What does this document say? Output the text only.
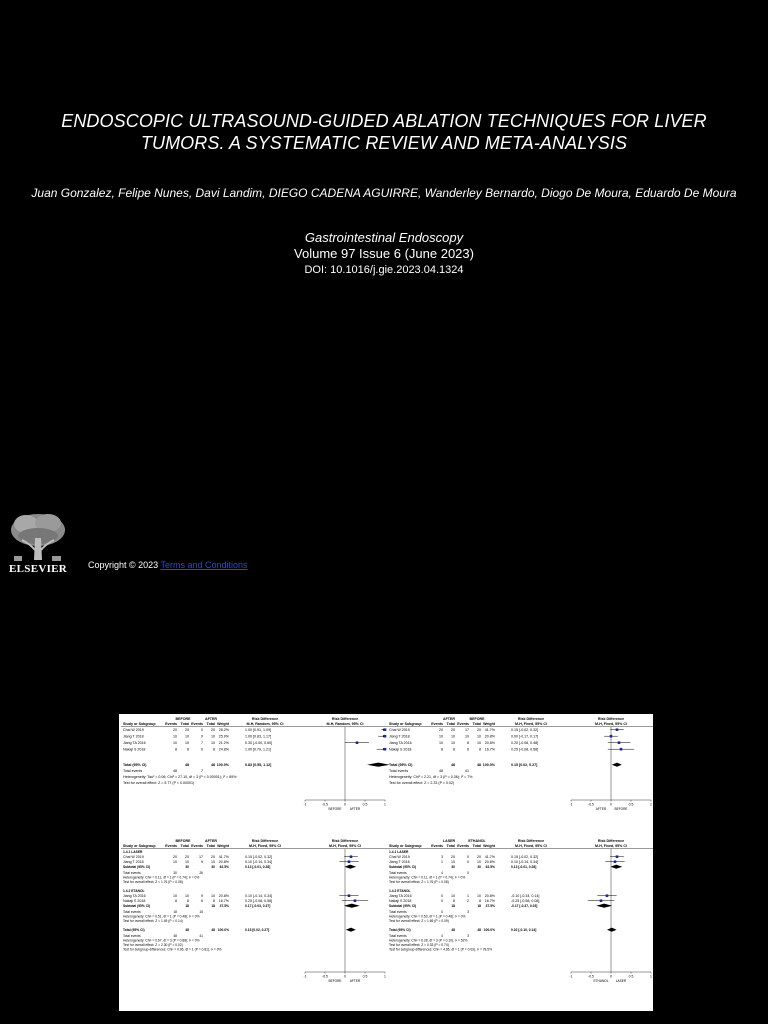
ENDOSCOPIC ULTRASOUND-GUIDED ABLATION TECHNIQUES FOR LIVER
TUMORS. A SYSTEMATIC REVIEW AND META-ANALYSIS

Juan Gonzalez, Felipe Nunes, Davi Landim, DIEGO CADENA AGUIRRE, Wanderley Bernardo, Diogo De Moura, Eduardo De Moura

Gastrointestinal Endoscopy
Volume 97 Issue 6 (June 2023)
DOI: 10.1016/j.gie.2023.04.1324
ELSEVIER Copyright © 2023 Terms and Conditions
BEFORE	AFTER	Risk Difference	Risk Difference
Study or Subgroup	Events Total Events Total Weight	M-H, Random, 95% CI	M-H, Random, 95% CI
-1	-0.5	0	0.5	1
BEFORE	AFTER
Chai W 2019	20 20	0 20 28.2%	1.00 [0.91, 1.09]
Jiang T 2018	10 10	0 10 25.9%	1.00 [0.83, 1.17]
Jiang TA 2016	10 10	7 10 21.2%	0.30 [-0.00, 0.60]
Nakaji S 2018	8	8	0	8 24.8%	1.00 [0.79, 1.21]
Total (95% CI)	48	48 100.0%	0.83 [0.55, 1.12]
Total events	48	7
Heterogeneity: Tau² = 0.06; Chi² = 27.10, df = 3 (P < 0.00001); I² = 89%
Test for overall effect: Z = 5.77 (P < 0.00001)
AFTER	BEFORE	Risk Difference	Risk Difference
Study or Subgroup	Events Total Events Total Weight	M-H, Fixed, 95% CI	M-H, Fixed, 95% CI
-1	-0.5	0	0.5	1
AFTER	BEFORE
Chai W 2019	20 20	17 20 41.7%	0.15 [-0.02, 0.32]
Jiang T 2018	10 10	10 10 20.8%	0.00 [-0.17, 0.17]
Jiang TA 2016	10 10	8 10 20.8%	0.20 [-0.08, 0.48]
Nakaji S 2018	8	8	6	8 16.7%	0.25 [-0.08, 0.58]
Total (95% CI)	48	48 100.0%	0.15 [0.02, 0.27]
Total events	48	41
Heterogeneity: Chi² = 2.21, df = 3 (P = 0.36); I² = 7%
Test for overall effect: Z = 2.33 (P = 0.02)
BEFORE	AFTER	Risk Difference	Risk Difference
Study or Subgroup	Events Total Events Total Weight	M-H, Fixed, 95% CI	M-H, Fixed, 95% CI
-1	-0.5	0	0.5	1
BEFORE	AFTER
1.4.1 LASER
Chai W 2019	20 20	17 20 41.7%	0.15 [-0.02, 0.32]
Jiang T 2018	10 10	9 10 20.8%	0.10 [-0.14, 0.34]
Subtotal (95% CI)	30	30 62.5%	0.13 [-0.01, 0.28]
Total events	30	26
Heterogeneity: Chi² = 0.11, df = 1 (P = 0.74); I² = 0%
Test for overall effect: Z = 1.76 (P = 0.08)
1.4.2 ETANOL
Jiang TA 2016	10 10	9 10 20.8%	0.10 [-0.14, 0.34]
Nakaji S 2018	8	8	6	8 16.7%	0.25 [-0.08, 0.58]
Subtotal (95% CI)	18	18 37.5%	0.17 [-0.03, 0.37]
Total events	18	15
Heterogeneity: Chi² = 0.51, df = 1 (P = 0.48); I² = 0%
Test for overall effect: Z = 1.49 (P = 0.14)
Total (95% CI)	48	48 100.0%	0.15 [0.02, 0.27]
Total events	48	41
Heterogeneity: Chi² = 0.67, df = 3 (P = 0.88); I² = 0%
Test for overall effect: Z = 2.30 (P = 0.02)
Test for subgroup differences: Chi² = 0.06, df = 1 (P = 0.81), I² = 0%
LASER	ETHANOL	Risk Difference	Risk Difference
Study or Subgroup	Events Total Events Total Weight	M-H, Fixed, 95% CI	M-H, Fixed, 95% CI
-1	-0.5	0	0.5	1
ETHANOL LASER
1.4.1 LASER
Chai W 2019	3 20	0 20 41.7%	0.15 [-0.02, 0.32]
Jiang T 2018	1 10	0 10 20.8%	0.10 [-0.14, 0.34]
Subtotal (95% CI)	30	30 62.5%	0.13 [-0.01, 0.28]
Total events	4	0
Heterogeneity: Chi² = 0.11, df = 1 (P = 0.74); I² = 0%
Test for overall effect: Z = 1.76 (P = 0.08)
1.4.2 ETANOL
Jiang TA 2016	0 10	1 10 20.8%	-0.10 [-0.34, 0.14]
Nakaji S 2018	0	8	2	8 16.7%	-0.25 [-0.58, 0.08]
Subtotal (95% CI)	18	18 37.5%	-0.17 [-0.37, 0.03]
Total events	0	3
Heterogeneity: Chi² = 0.53, df = 1 (P = 0.46); I² = 0%
Test for overall effect: Z = 1.69 (P = 0.09)
Total (95% CI)	48	48 100.0%	0.02 [-0.10, 0.14]
Total events	4	3
Heterogeneity: Chi² = 6.28, df = 3 (P = 0.10); I² = 52%
Test for overall effect: Z = 0.33 (P = 0.74)
Test for subgroup differences: Chi² = 4.65, df = 1 (P = 0.03), I² = 78.5%
